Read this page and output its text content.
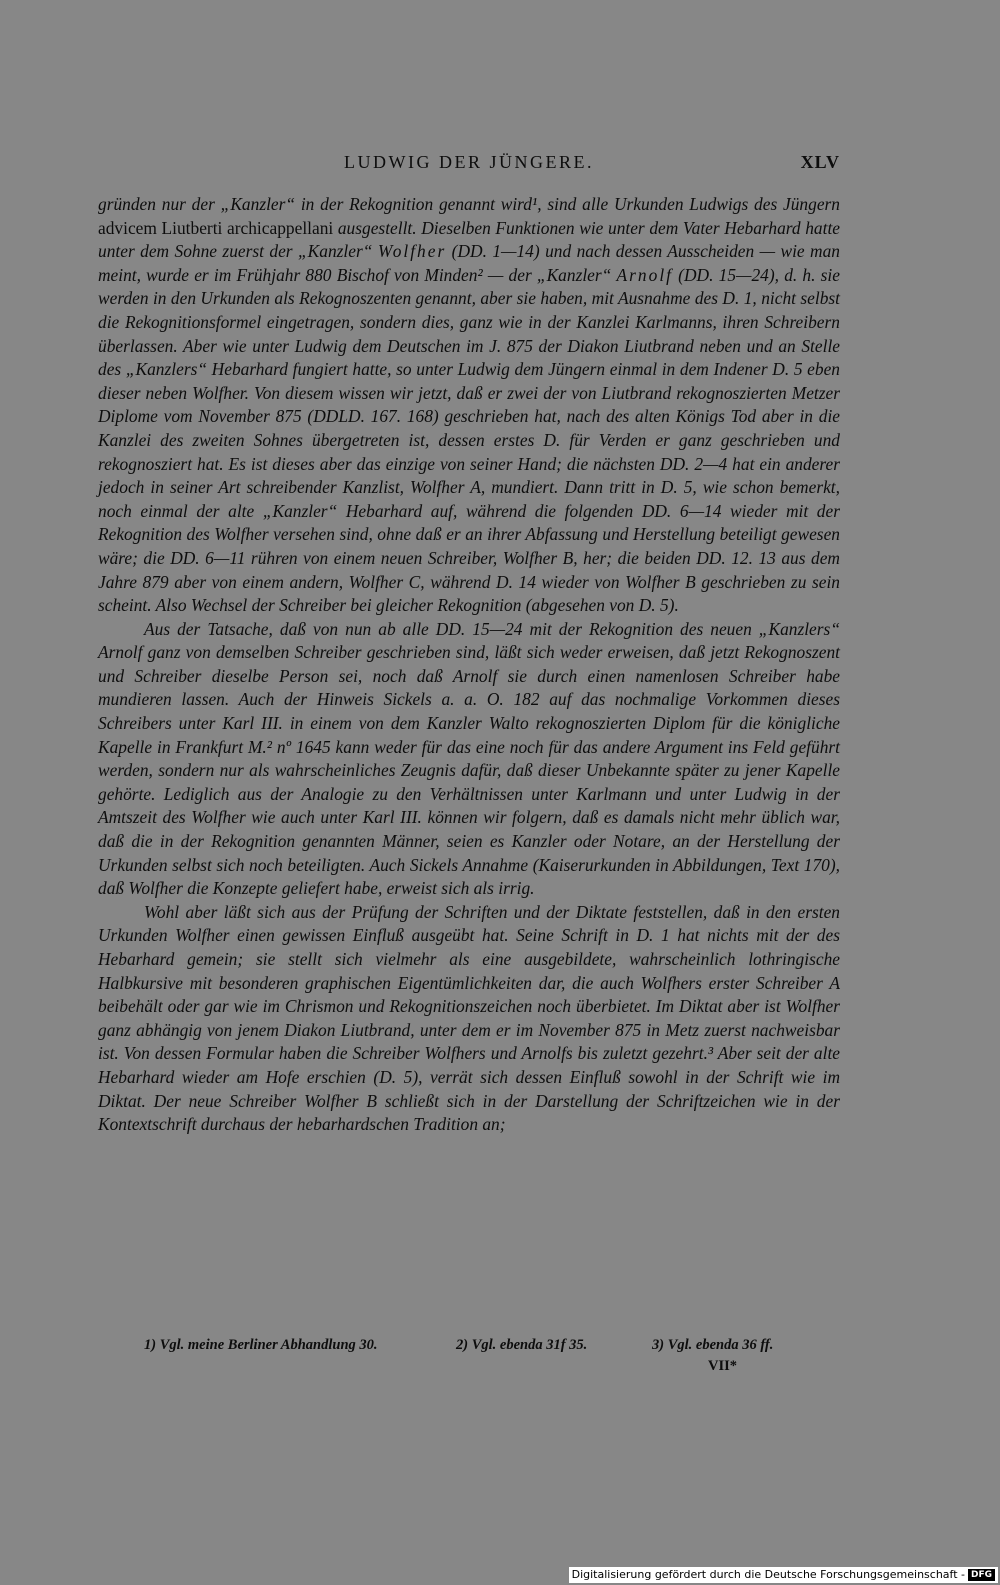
LUDWIG DER JÜNGERE.	XLV

gründen nur der „Kanzler“ in der Rekognition genannt wird¹, sind alle Urkunden Ludwigs des Jüngern advicem Liutberti archicappellani ausgestellt. Dieselben Funktionen wie unter dem Vater Hebarhard hatte unter dem Sohne zuerst der „Kanzler“ Wolfher (DD. 1—14) und nach dessen Ausscheiden — wie man meint, wurde er im Frühjahr 880 Bischof von Minden² — der „Kanzler“ Arnolf (DD. 15—24), d. h. sie werden in den Urkunden als Rekognoszenten genannt, aber sie haben, mit Ausnahme des D. 1, nicht selbst die Rekognitionsformel eingetragen, sondern dies, ganz wie in der Kanzlei Karlmanns, ihren Schreibern überlassen. Aber wie unter Ludwig dem Deutschen im J. 875 der Diakon Liutbrand neben und an Stelle des „Kanzlers“ Hebarhard fungiert hatte, so unter Ludwig dem Jüngern einmal in dem Indener D. 5 eben dieser neben Wolfher. Von diesem wissen wir jetzt, daß er zwei der von Liutbrand rekognoszierten Metzer Diplome vom November 875 (DDLD. 167. 168) geschrieben hat, nach des alten Königs Tod aber in die Kanzlei des zweiten Sohnes übergetreten ist, dessen erstes D. für Verden er ganz geschrieben und rekognosziert hat. Es ist dieses aber das einzige von seiner Hand; die nächsten DD. 2—4 hat ein anderer jedoch in seiner Art schreibender Kanzlist, Wolfher A, mundiert. Dann tritt in D. 5, wie schon bemerkt, noch einmal der alte „Kanzler“ Hebarhard auf, während die folgenden DD. 6—14 wieder mit der Rekognition des Wolfher versehen sind, ohne daß er an ihrer Abfassung und Herstellung beteiligt gewesen wäre; die DD. 6—11 rühren von einem neuen Schreiber, Wolfher B, her; die beiden DD. 12. 13 aus dem Jahre 879 aber von einem andern, Wolfher C, während D. 14 wieder von Wolfher B geschrieben zu sein scheint. Also Wechsel der Schreiber bei gleicher Rekognition (abgesehen von D. 5).

Aus der Tatsache, daß von nun ab alle DD. 15—24 mit der Rekognition des neuen „Kanzlers“ Arnolf ganz von demselben Schreiber geschrieben sind, läßt sich weder erweisen, daß jetzt Rekognoszent und Schreiber dieselbe Person sei, noch daß Arnolf sie durch einen namenlosen Schreiber habe mundieren lassen. Auch der Hinweis Sickels a. a. O. 182 auf das nochmalige Vorkommen dieses Schreibers unter Karl III. in einem von dem Kanzler Walto rekognoszierten Diplom für die königliche Kapelle in Frankfurt M.² nº 1645 kann weder für das eine noch für das andere Argument ins Feld geführt werden, sondern nur als wahrscheinliches Zeugnis dafür, daß dieser Unbekannte später zu jener Kapelle gehörte. Lediglich aus der Analogie zu den Verhältnissen unter Karlmann und unter Ludwig in der Amtszeit des Wolfher wie auch unter Karl III. können wir folgern, daß es damals nicht mehr üblich war, daß die in der Rekognition genannten Männer, seien es Kanzler oder Notare, an der Herstellung der Urkunden selbst sich noch beteiligten. Auch Sickels Annahme (Kaiserurkunden in Abbildungen, Text 170), daß Wolfher die Konzepte geliefert habe, erweist sich als irrig.

Wohl aber läßt sich aus der Prüfung der Schriften und der Diktate feststellen, daß in den ersten Urkunden Wolfher einen gewissen Einfluß ausgeübt hat. Seine Schrift in D. 1 hat nichts mit der des Hebarhard gemein; sie stellt sich vielmehr als eine ausgebildete, wahrscheinlich lothringische Halbkursive mit besonderen graphischen Eigentümlichkeiten dar, die auch Wolfhers erster Schreiber A beibehält oder gar wie im Chrismon und Rekognitionszeichen noch überbietet. Im Diktat aber ist Wolfher ganz abhängig von jenem Diakon Liutbrand, unter dem er im November 875 in Metz zuerst nachweisbar ist. Von dessen Formular haben die Schreiber Wolfhers und Arnolfs bis zuletzt gezehrt.³ Aber seit der alte Hebarhard wieder am Hofe erschien (D. 5), verrät sich dessen Einfluß sowohl in der Schrift wie im Diktat. Der neue Schreiber Wolfher B schließt sich in der Darstellung der Schriftzeichen wie in der Kontextschrift durchaus der hebarhardschen Tradition an;

1) Vgl. meine Berliner Abhandlung 30.	2) Vgl. ebenda 31f 35.	3) Vgl. ebenda 36 ff.
VII*
Digitalisierung gefördert durch die Deutsche Forschungsgemeinschaft - DFG
